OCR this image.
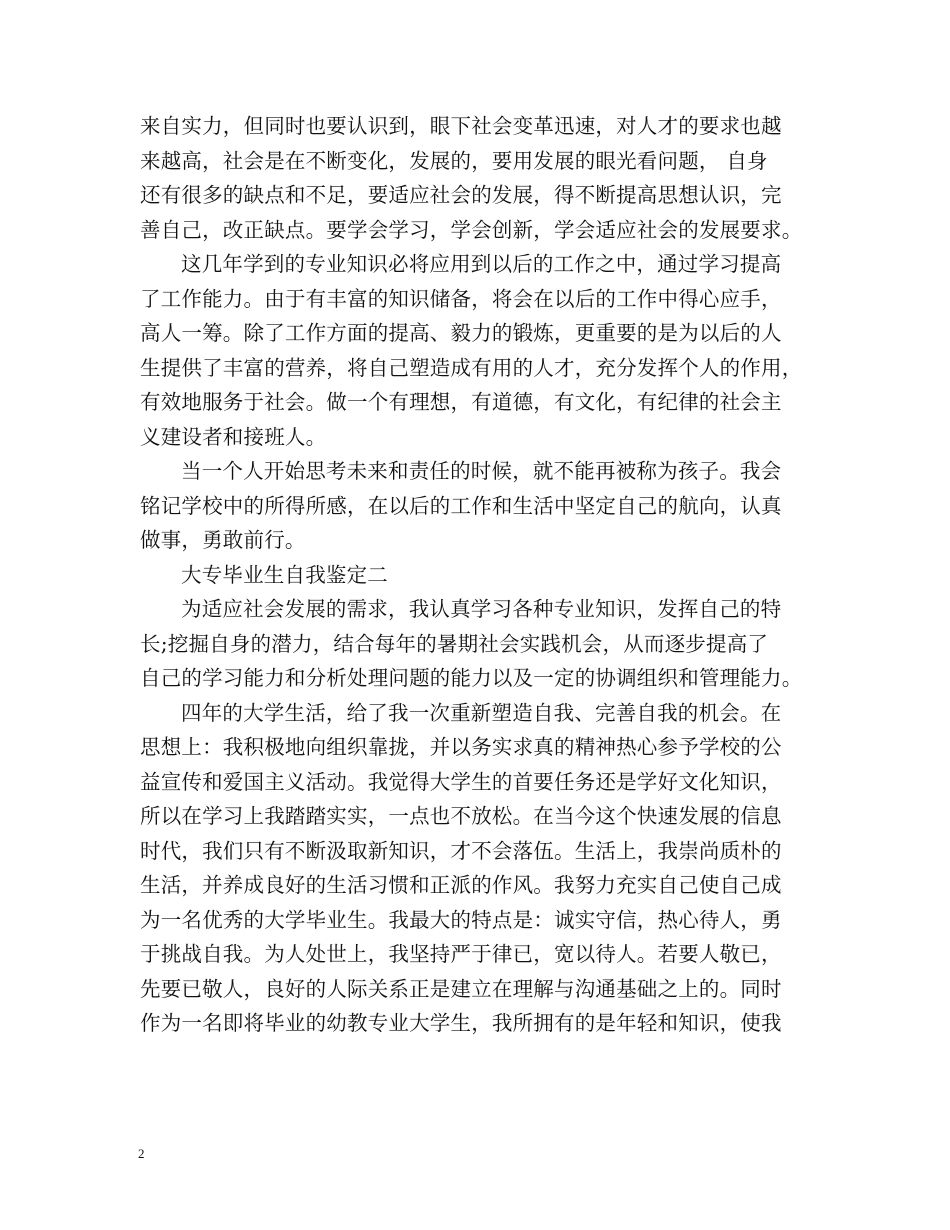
来自实力，但同时也要认识到，眼下社会变革迅速，对人才的要求也越
来越高，社会是在不断变化，发展的，要用发展的眼光看问题， 自身
还有很多的缺点和不足，要适应社会的发展，得不断提高思想认识，完
善自己，改正缺点。要学会学习，学会创新，学会适应社会的发展要求。
这几年学到的专业知识必将应用到以后的工作之中，通过学习提高
了工作能力。由于有丰富的知识储备，将会在以后的工作中得心应手，
高人一筹。除了工作方面的提高、毅力的锻炼，更重要的是为以后的人
生提供了丰富的营养，将自己塑造成有用的人才，充分发挥个人的作用，
有效地服务于社会。做一个有理想，有道德，有文化，有纪律的社会主
义建设者和接班人。
当一个人开始思考未来和责任的时候，就不能再被称为孩子。我会
铭记学校中的所得所感，在以后的工作和生活中坚定自己的航向，认真
做事，勇敢前行。
大专毕业生自我鉴定二
为适应社会发展的需求，我认真学习各种专业知识，发挥自己的特
长;挖掘自身的潜力，结合每年的暑期社会实践机会，从而逐步提高了
自己的学习能力和分析处理问题的能力以及一定的协调组织和管理能力。
四年的大学生活，给了我一次重新塑造自我、完善自我的机会。在
思想上：我积极地向组织靠拢，并以务实求真的精神热心参予学校的公
益宣传和爱国主义活动。我觉得大学生的首要任务还是学好文化知识，
所以在学习上我踏踏实实，一点也不放松。在当今这个快速发展的信息
时代，我们只有不断汲取新知识，才不会落伍。生活上，我崇尚质朴的
生活，并养成良好的生活习惯和正派的作风。我努力充实自己使自己成
为一名优秀的大学毕业生。我最大的特点是：诚实守信，热心待人，勇
于挑战自我。为人处世上，我坚持严于律已，宽以待人。若要人敬已，
先要已敬人，良好的人际关系正是建立在理解与沟通基础之上的。同时
作为一名即将毕业的幼教专业大学生，我所拥有的是年轻和知识，使我
2
